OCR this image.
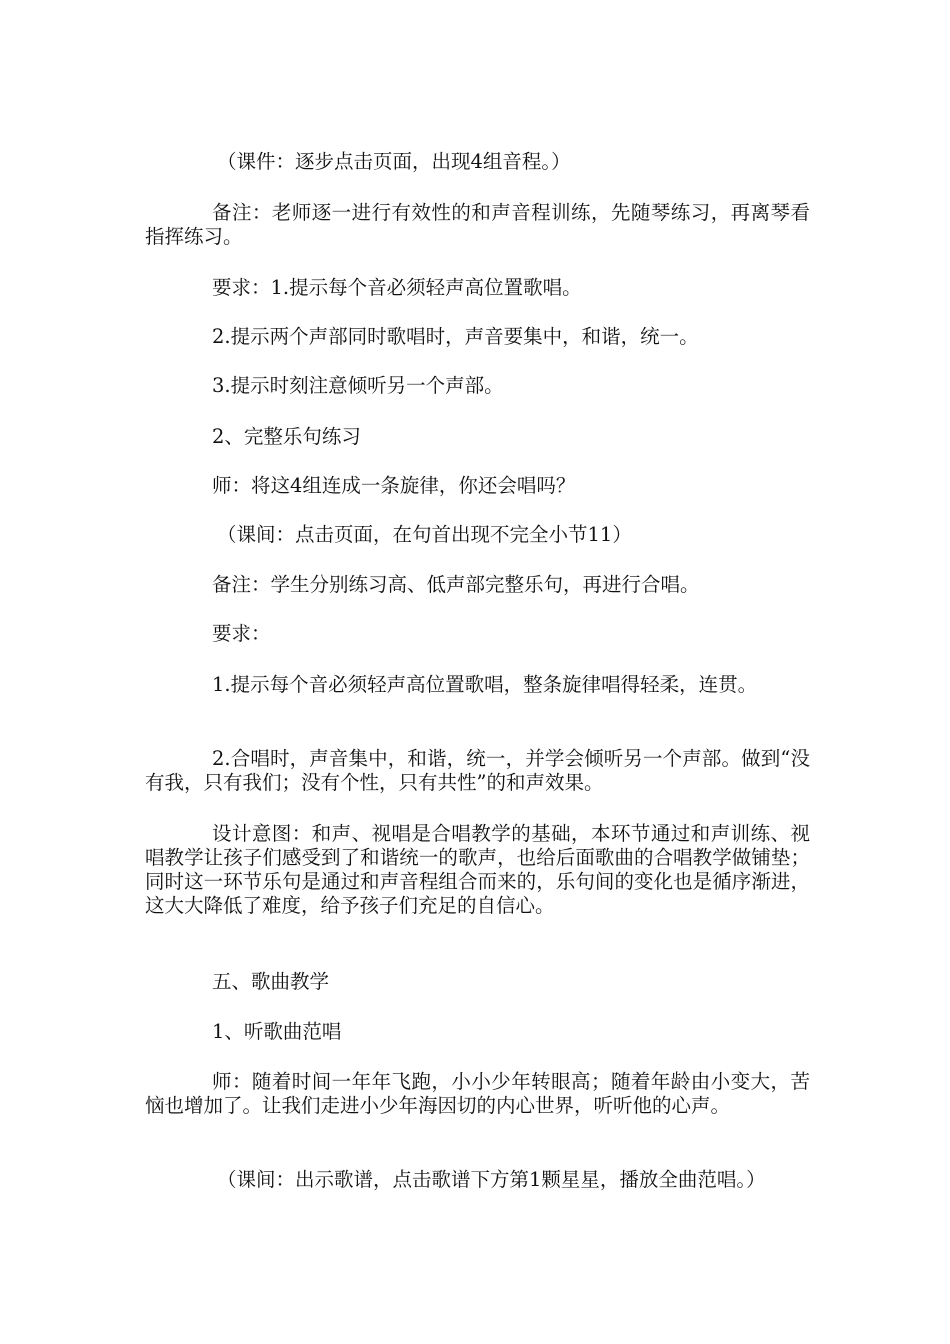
（课件：逐步点击页面，出现4组音程。）

备注：老师逐一进行有效性的和声音程训练，先随琴练习，再离琴看指挥练习。

要求：1.提示每个音必须轻声高位置歌唱。

2.提示两个声部同时歌唱时，声音要集中，和谐，统一。

3.提示时刻注意倾听另一个声部。

2、完整乐句练习

师：将这4组连成一条旋律，你还会唱吗？

（课间：点击页面，在句首出现不完全小节11）

备注：学生分别练习高、低声部完整乐句，再进行合唱。

要求：

1.提示每个音必须轻声高位置歌唱，整条旋律唱得轻柔，连贯。

2.合唱时，声音集中，和谐，统一，并学会倾听另一个声部。做到“没有我，只有我们；没有个性，只有共性”的和声效果。

设计意图：和声、视唱是合唱教学的基础，本环节通过和声训练、视唱教学让孩子们感受到了和谐统一的歌声，也给后面歌曲的合唱教学做铺垫；同时这一环节乐句是通过和声音程组合而来的，乐句间的变化也是循序渐进，这大大降低了难度，给予孩子们充足的自信心。

五、歌曲教学

1、听歌曲范唱

师：随着时间一年年飞跑，小小少年转眼高；随着年龄由小变大，苦恼也增加了。让我们走进小少年海因切的内心世界，听听他的心声。

（课间：出示歌谱，点击歌谱下方第1颗星星，播放全曲范唱。）
